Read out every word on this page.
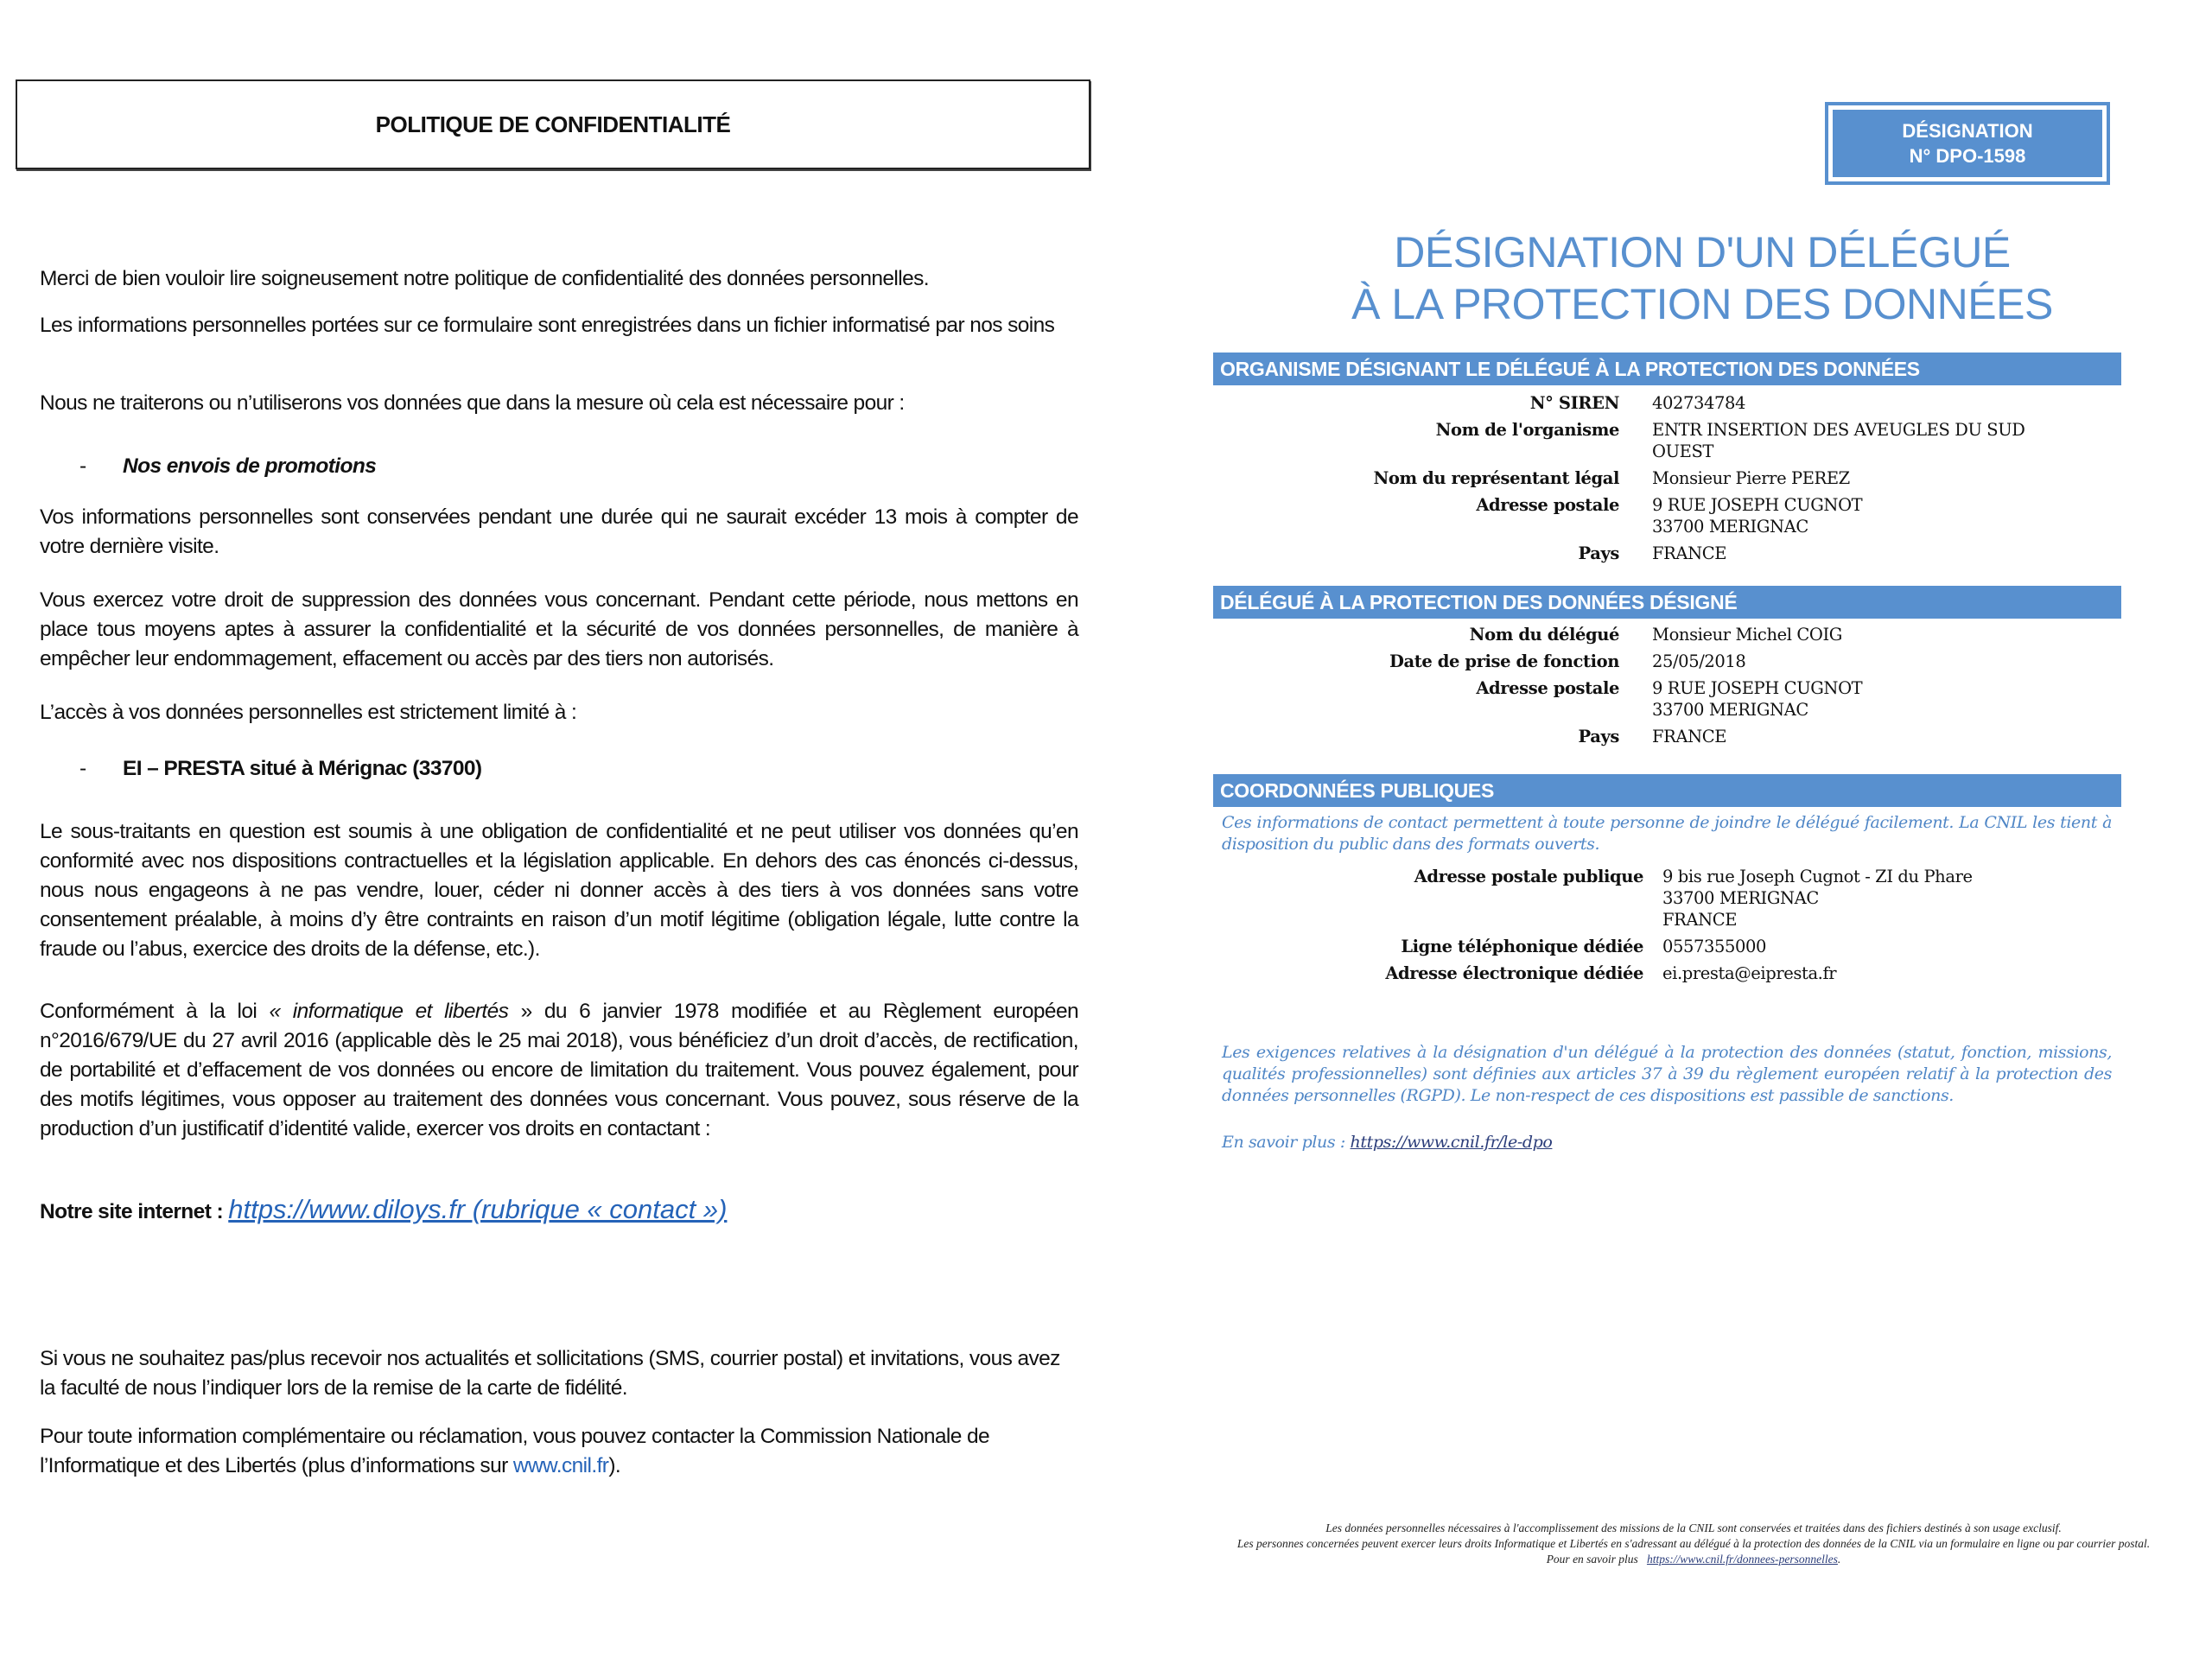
POLITIQUE DE CONFIDENTIALITÉ
Merci de bien vouloir lire soigneusement notre politique de confidentialité des données personnelles.
Les informations personnelles portées sur ce formulaire sont enregistrées dans un fichier informatisé par nos soins
Nous ne traiterons ou n’utiliserons vos données que dans la mesure où cela est nécessaire pour :
- Nos envois de promotions
Vos informations personnelles sont conservées pendant une durée qui ne saurait excéder 13 mois à compter de votre dernière visite.
Vous exercez votre droit de suppression des données vous concernant. Pendant cette période, nous mettons en place tous moyens aptes à assurer la confidentialité et la sécurité de vos données personnelles, de manière à empêcher leur endommagement, effacement ou accès par des tiers non autorisés.
L’accès à vos données personnelles est strictement limité à :
- EI – PRESTA situé à Mérignac (33700)
Le sous-traitants en question est soumis à une obligation de confidentialité et ne peut utiliser vos données qu’en conformité avec nos dispositions contractuelles et la législation applicable. En dehors des cas énoncés ci-dessus, nous nous engageons à ne pas vendre, louer, céder ni donner accès à des tiers à vos données sans votre consentement préalable, à moins d’y être contraints en raison d’un motif légitime (obligation légale, lutte contre la fraude ou l’abus, exercice des droits de la défense, etc.).
Conformément à la loi « informatique et libertés » du 6 janvier 1978 modifiée et au Règlement européen n°2016/679/UE du 27 avril 2016 (applicable dès le 25 mai 2018), vous bénéficiez d’un droit d’accès, de rectification, de portabilité et d’effacement de vos données ou encore de limitation du traitement. Vous pouvez également, pour des motifs légitimes, vous opposer au traitement des données vous concernant. Vous pouvez, sous réserve de la production d’un justificatif d’identité valide, exercer vos droits en contactant :
Notre site internet : https://www.diloys.fr (rubrique « contact »)
Si vous ne souhaitez pas/plus recevoir nos actualités et sollicitations (SMS, courrier postal) et invitations, vous avez la faculté de nous l’indiquer lors de la remise de la carte de fidélité.
Pour toute information complémentaire ou réclamation, vous pouvez contacter la Commission Nationale de l’Informatique et des Libertés (plus d’informations sur www.cnil.fr).
DÉSIGNATION
N° DPO-1598
DÉSIGNATION D'UN DÉLÉGUÉ
À LA PROTECTION DES DONNÉES
ORGANISME DÉSIGNANT LE DÉLÉGUÉ À LA PROTECTION DES DONNÉES
N° SIREN	402734784
Nom de l'organisme	ENTR INSERTION DES AVEUGLES DU SUD
OUEST
Nom du représentant légal	Monsieur Pierre PEREZ
Adresse postale	9 RUE JOSEPH CUGNOT
33700 MERIGNAC
Pays	FRANCE
DÉLÉGUÉ À LA PROTECTION DES DONNÉES DÉSIGNÉ
Nom du délégué	Monsieur Michel COIG
Date de prise de fonction	25/05/2018
Adresse postale	9 RUE JOSEPH CUGNOT
33700 MERIGNAC
Pays	FRANCE
COORDONNÉES PUBLIQUES
Ces informations de contact permettent à toute personne de joindre le délégué facilement. La CNIL les tient à disposition du public dans des formats ouverts.
Adresse postale publique	9 bis rue Joseph Cugnot - ZI du Phare
33700 MERIGNAC
FRANCE
Ligne téléphonique dédiée	0557355000
Adresse électronique dédiée	ei.presta@eipresta.fr
Les exigences relatives à la désignation d'un délégué à la protection des données (statut, fonction, missions, qualités professionnelles) sont définies aux articles 37 à 39 du règlement européen relatif à la protection des données personnelles (RGPD). Le non-respect de ces dispositions est passible de sanctions.
En savoir plus : https://www.cnil.fr/le-dpo
Les données personnelles nécessaires à l'accomplissement des missions de la CNIL sont conservées et traitées dans des fichiers destinés à son usage exclusif.
Les personnes concernées peuvent exercer leurs droits Informatique et Libertés en s'adressant au délégué à la protection des données de la CNIL via un formulaire en ligne ou par courrier postal.
Pour en savoir plus   https://www.cnil.fr/donnees-personnelles.
